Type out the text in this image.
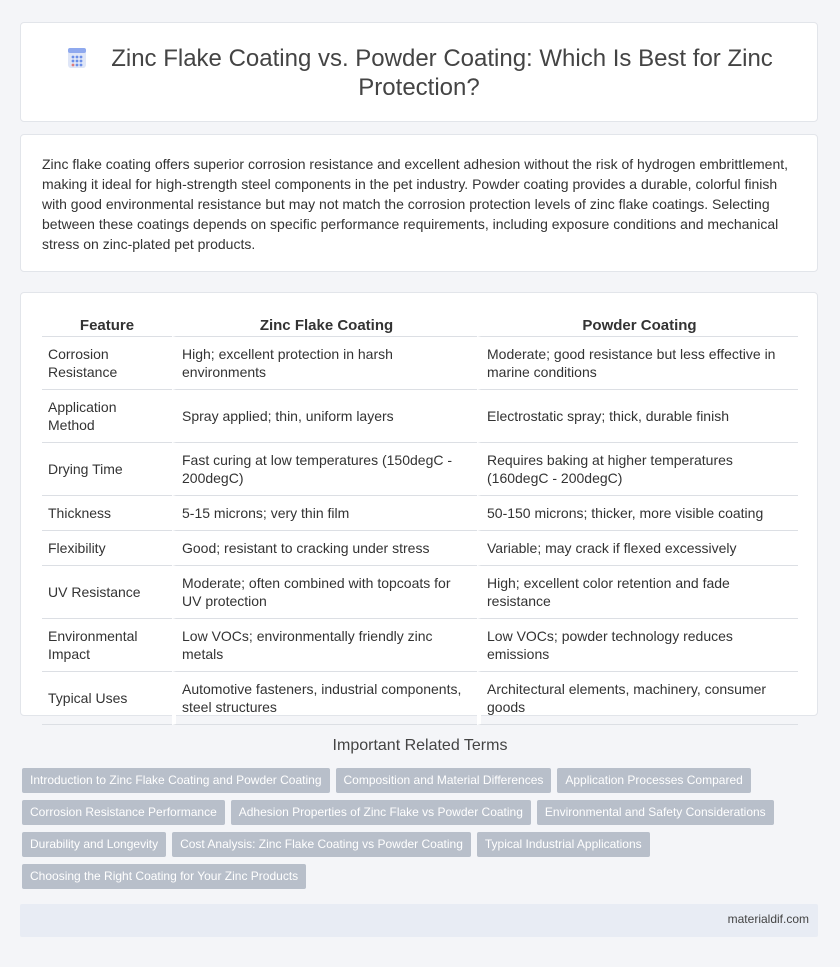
Zinc Flake Coating vs. Powder Coating: Which Is Best for Zinc Protection?

Zinc flake coating offers superior corrosion resistance and excellent adhesion without the risk of hydrogen embrittlement, making it ideal for high-strength steel components in the pet industry. Powder coating provides a durable, colorful finish with good environmental resistance but may not match the corrosion protection levels of zinc flake coatings. Selecting between these coatings depends on specific performance requirements, including exposure conditions and mechanical stress on zinc-plated pet products.

Feature	Zinc Flake Coating	Powder Coating
Corrosion Resistance	High; excellent protection in harsh environments	Moderate; good resistance but less effective in marine conditions
Application Method	Spray applied; thin, uniform layers	Electrostatic spray; thick, durable finish
Drying Time	Fast curing at low temperatures (150degC - 200degC)	Requires baking at higher temperatures (160degC - 200degC)
Thickness	5-15 microns; very thin film	50-150 microns; thicker, more visible coating
Flexibility	Good; resistant to cracking under stress	Variable; may crack if flexed excessively
UV Resistance	Moderate; often combined with topcoats for UV protection	High; excellent color retention and fade resistance
Environmental Impact	Low VOCs; environmentally friendly zinc metals	Low VOCs; powder technology reduces emissions
Typical Uses	Automotive fasteners, industrial components, steel structures	Architectural elements, machinery, consumer goods
Important Related Terms
Introduction to Zinc Flake Coating and Powder Coating Composition and Material Differences Application Processes Compared
Corrosion Resistance Performance Adhesion Properties of Zinc Flake vs Powder Coating Environmental and Safety Considerations
Durability and Longevity Cost Analysis: Zinc Flake Coating vs Powder Coating Typical Industrial Applications
Choosing the Right Coating for Your Zinc Products
materialdif.com
